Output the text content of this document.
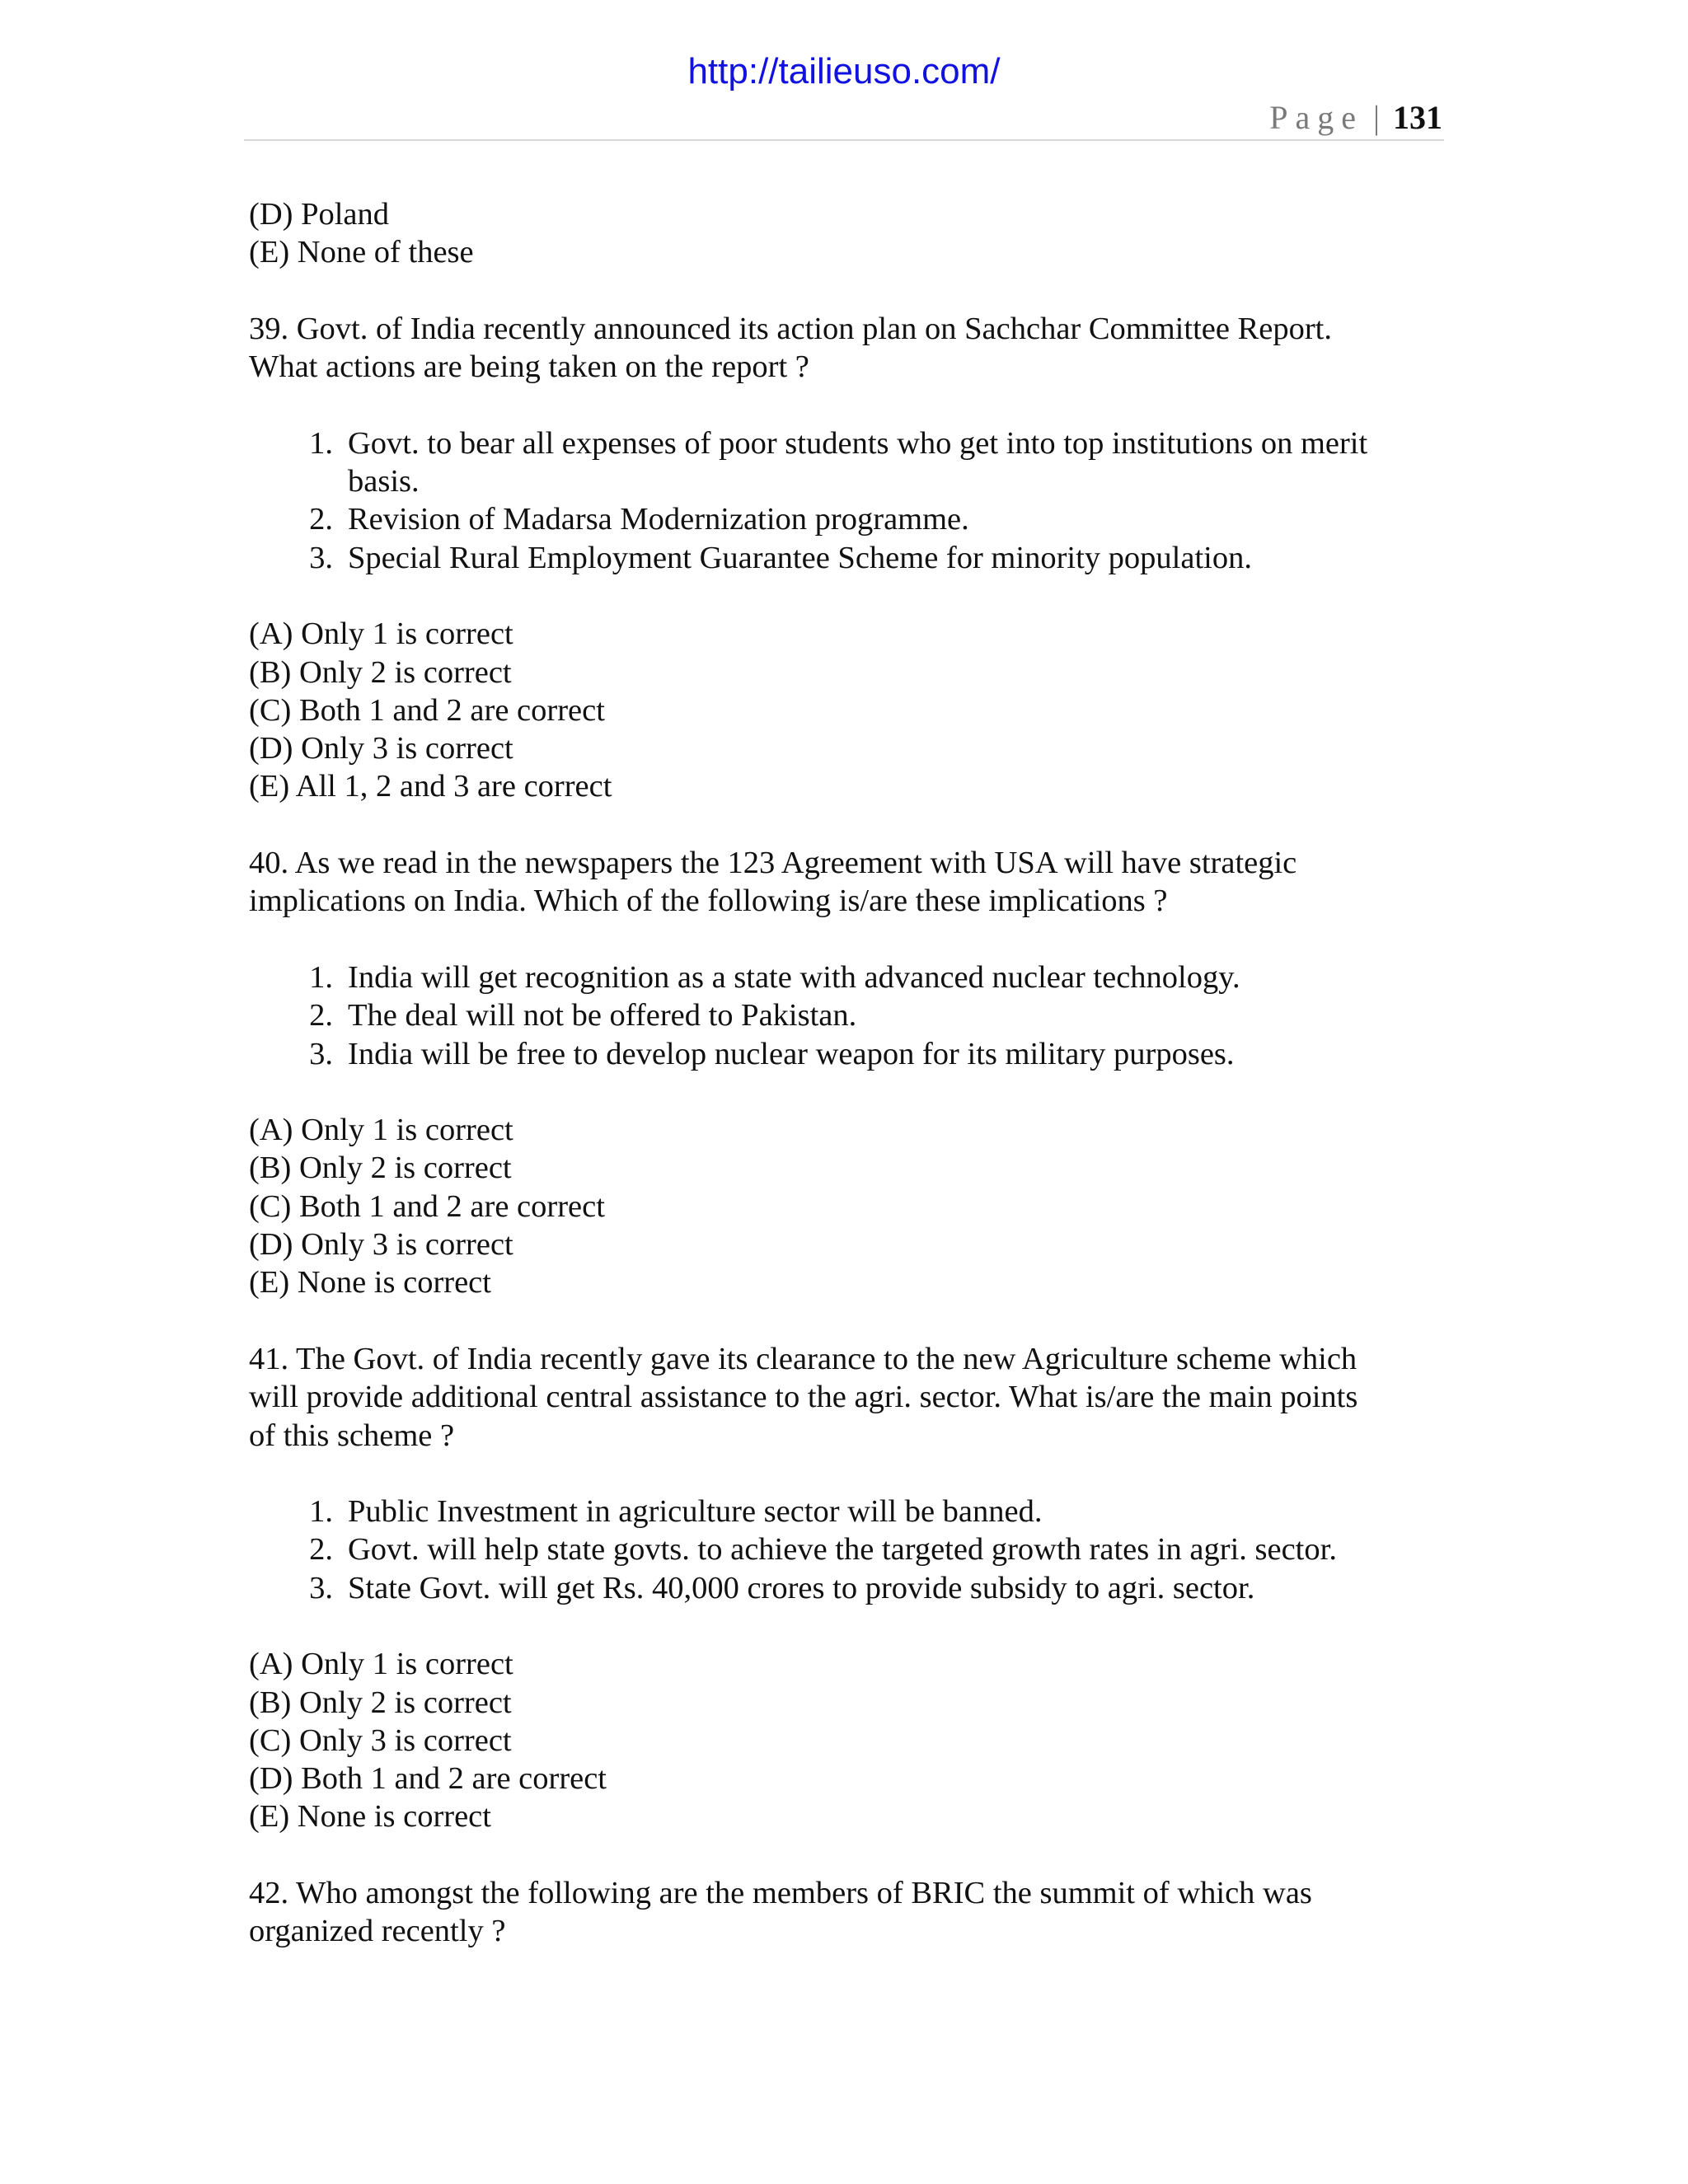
http://tailieuso.com/
Page | 131
(D) Poland
(E) None of these
39. Govt. of India recently announced its action plan on Sachchar Committee Report.
What actions are being taken on the report ?
1. Govt. to bear all expenses of poor students who get into top institutions on merit
basis.
2. Revision of Madarsa Modernization programme.
3. Special Rural Employment Guarantee Scheme for minority population.
(A) Only 1 is correct
(B) Only 2 is correct
(C) Both 1 and 2 are correct
(D) Only 3 is correct
(E) All 1, 2 and 3 are correct
40. As we read in the newspapers the 123 Agreement with USA will have strategic
implications on India. Which of the following is/are these implications ?
1. India will get recognition as a state with advanced nuclear technology.
2. The deal will not be offered to Pakistan.
3. India will be free to develop nuclear weapon for its military purposes.
(A) Only 1 is correct
(B) Only 2 is correct
(C) Both 1 and 2 are correct
(D) Only 3 is correct
(E) None is correct
41. The Govt. of India recently gave its clearance to the new Agriculture scheme which
will provide additional central assistance to the agri. sector. What is/are the main points
of this scheme ?
1. Public Investment in agriculture sector will be banned.
2. Govt. will help state govts. to achieve the targeted growth rates in agri. sector.
3. State Govt. will get Rs. 40,000 crores to provide subsidy to agri. sector.
(A) Only 1 is correct
(B) Only 2 is correct
(C) Only 3 is correct
(D) Both 1 and 2 are correct
(E) None is correct
42. Who amongst the following are the members of BRIC the summit of which was
organized recently ?
